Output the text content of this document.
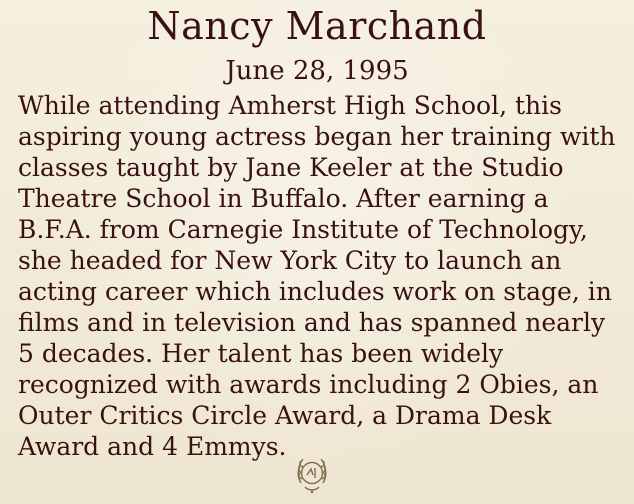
Nancy Marchand
June 28, 1995
While attending Amherst High School, this
aspiring young actress began her training with
classes taught by Jane Keeler at the Studio
Theatre School in Buffalo. After earning a
B.F.A. from Carnegie Institute of Technology,
she headed for New York City to launch an
acting career which includes work on stage, in
films and in television and has spanned nearly
5 decades. Her talent has been widely
recognized with awards including 2 Obies, an
Outer Critics Circle Award, a Drama Desk
Award and 4 Emmys.
